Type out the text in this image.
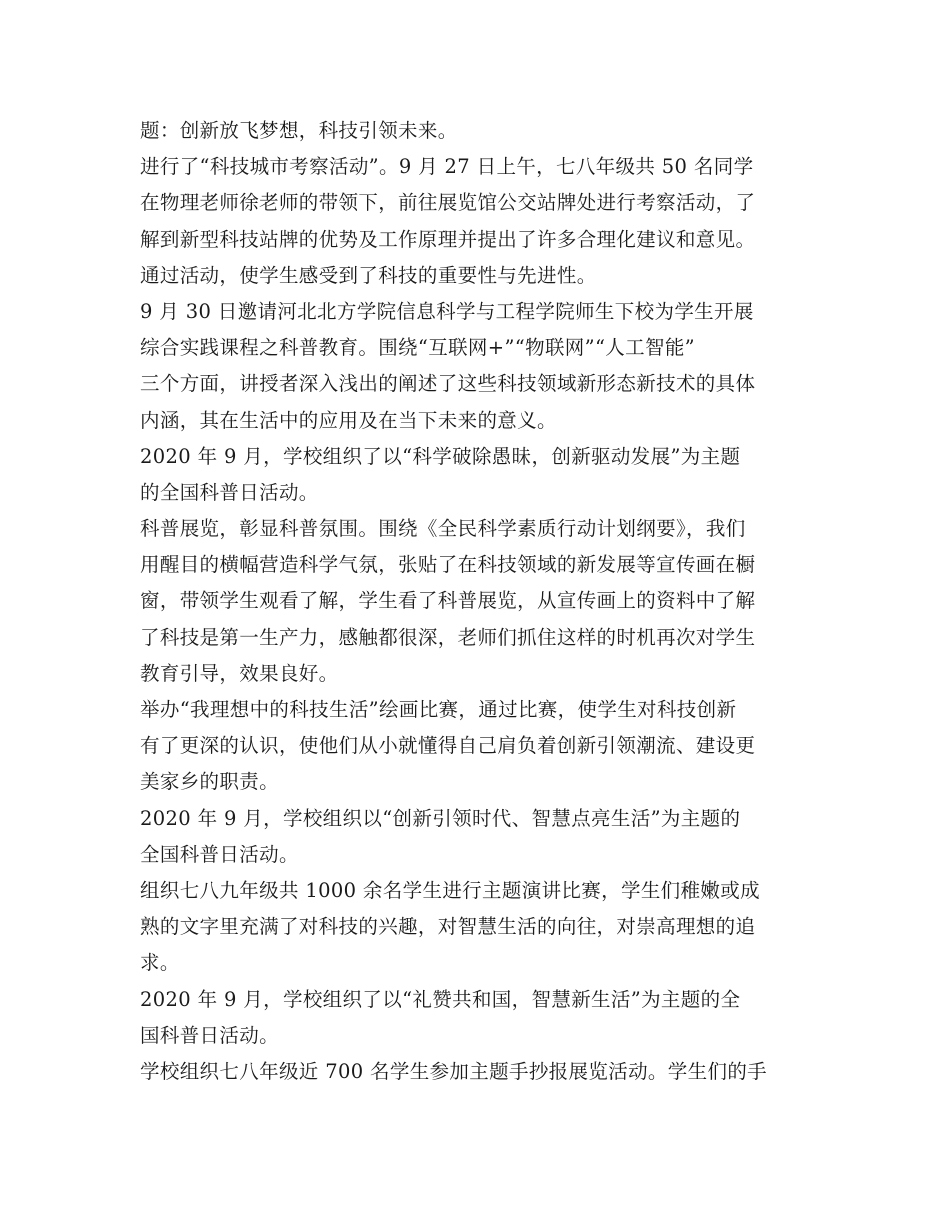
题：创新放飞梦想，科技引领未来。
进行了“科技城市考察活动”。9 月 27 日上午，七八年级共 50 名同学
在物理老师徐老师的带领下，前往展览馆公交站牌处进行考察活动，了
解到新型科技站牌的优势及工作原理并提出了许多合理化建议和意见。
通过活动，使学生感受到了科技的重要性与先进性。
9 月 30 日邀请河北北方学院信息科学与工程学院师生下校为学生开展
综合实践课程之科普教育。围绕“互联网+”“物联网”“人工智能”
三个方面，讲授者深入浅出的阐述了这些科技领域新形态新技术的具体
内涵，其在生活中的应用及在当下未来的意义。
2020 年 9 月，学校组织了以“科学破除愚昧，创新驱动发展”为主题
的全国科普日活动。
科普展览，彰显科普氛围。围绕《全民科学素质行动计划纲要》，我们
用醒目的横幅营造科学气氛，张贴了在科技领域的新发展等宣传画在橱
窗，带领学生观看了解，学生看了科普展览，从宣传画上的资料中了解
了科技是第一生产力，感触都很深，老师们抓住这样的时机再次对学生
教育引导，效果良好。
举办“我理想中的科技生活”绘画比赛，通过比赛，使学生对科技创新
有了更深的认识，使他们从小就懂得自己肩负着创新引领潮流、建设更
美家乡的职责。
2020 年 9 月，学校组织以“创新引领时代、智慧点亮生活”为主题的
全国科普日活动。
组织七八九年级共 1000 余名学生进行主题演讲比赛，学生们稚嫩或成
熟的文字里充满了对科技的兴趣，对智慧生活的向往，对崇高理想的追
求。
2020 年 9 月，学校组织了以“礼赞共和国，智慧新生活”为主题的全
国科普日活动。
学校组织七八年级近 700 名学生参加主题手抄报展览活动。学生们的手
